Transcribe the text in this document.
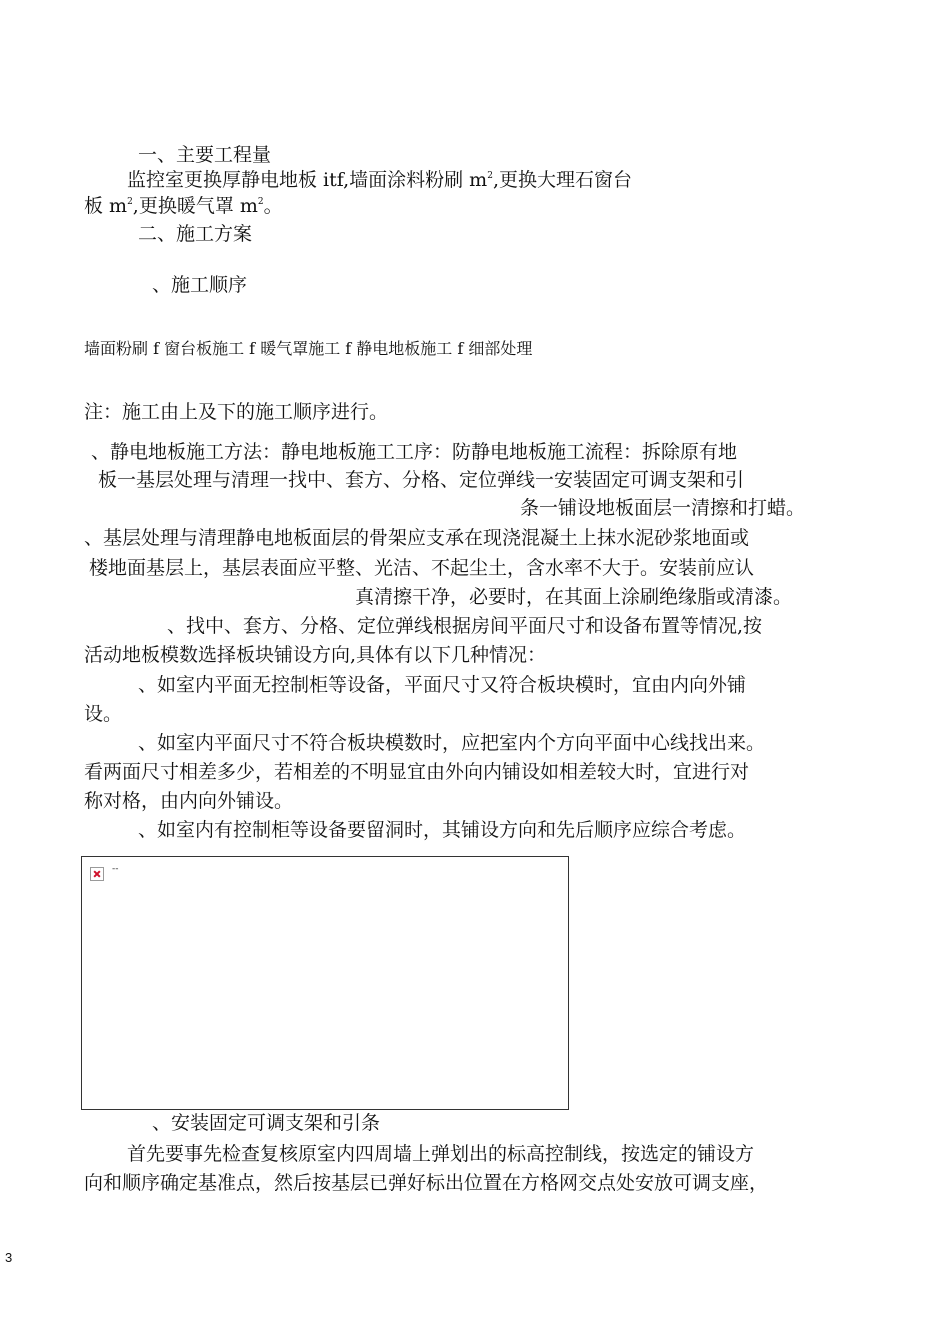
一、主要工程量
监控室更换厚静电地板 itf,墙面涂料粉刷 $m^2$,更换大理石窗台
板 $m^2$,更换暖气罩 $m^2$。
二、施工方案
、施工顺序
墙面粉刷 f 窗台板施工 f 暖气罩施工 f 静电地板施工 f 细部处理
注：施工由上及下的施工顺序进行。
、静电地板施工方法：静电地板施工工序：防静电地板施工流程：拆除原有地
板一基层处理与清理一找中、套方、分格、定位弹线一安装固定可调支架和引
条一铺设地板面层一清擦和打蜡。
、基层处理与清理静电地板面层的骨架应支承在现浇混凝土上抹水泥砂浆地面或
楼地面基层上，基层表面应平整、光洁、不起尘土，含水率不大于。安装前应认
真清擦干净，必要时，在其面上涂刷绝缘脂或清漆。
、找中、套方、分格、定位弹线根据房间平面尺寸和设备布置等情况,按
活动地板模数选择板块铺设方向,具体有以下几种情况：
、如室内平面无控制柜等设备，平面尺寸又符合板块模时，宜由内向外铺
设。
、如室内平面尺寸不符合板块模数时，应把室内个方向平面中心线找出来。
看两面尺寸相差多少，若相差的不明显宜由外向内铺设如相差较大时，宜进行对
称对格，由内向外铺设。
、如室内有控制柜等设备要留洞时，其铺设方向和先后顺序应综合考虑。
--
、安装固定可调支架和引条
首先要事先检查复核原室内四周墙上弹划出的标高控制线，按选定的铺设方
向和顺序确定基准点，然后按基层已弹好标出位置在方格网交点处安放可调支座，
3
